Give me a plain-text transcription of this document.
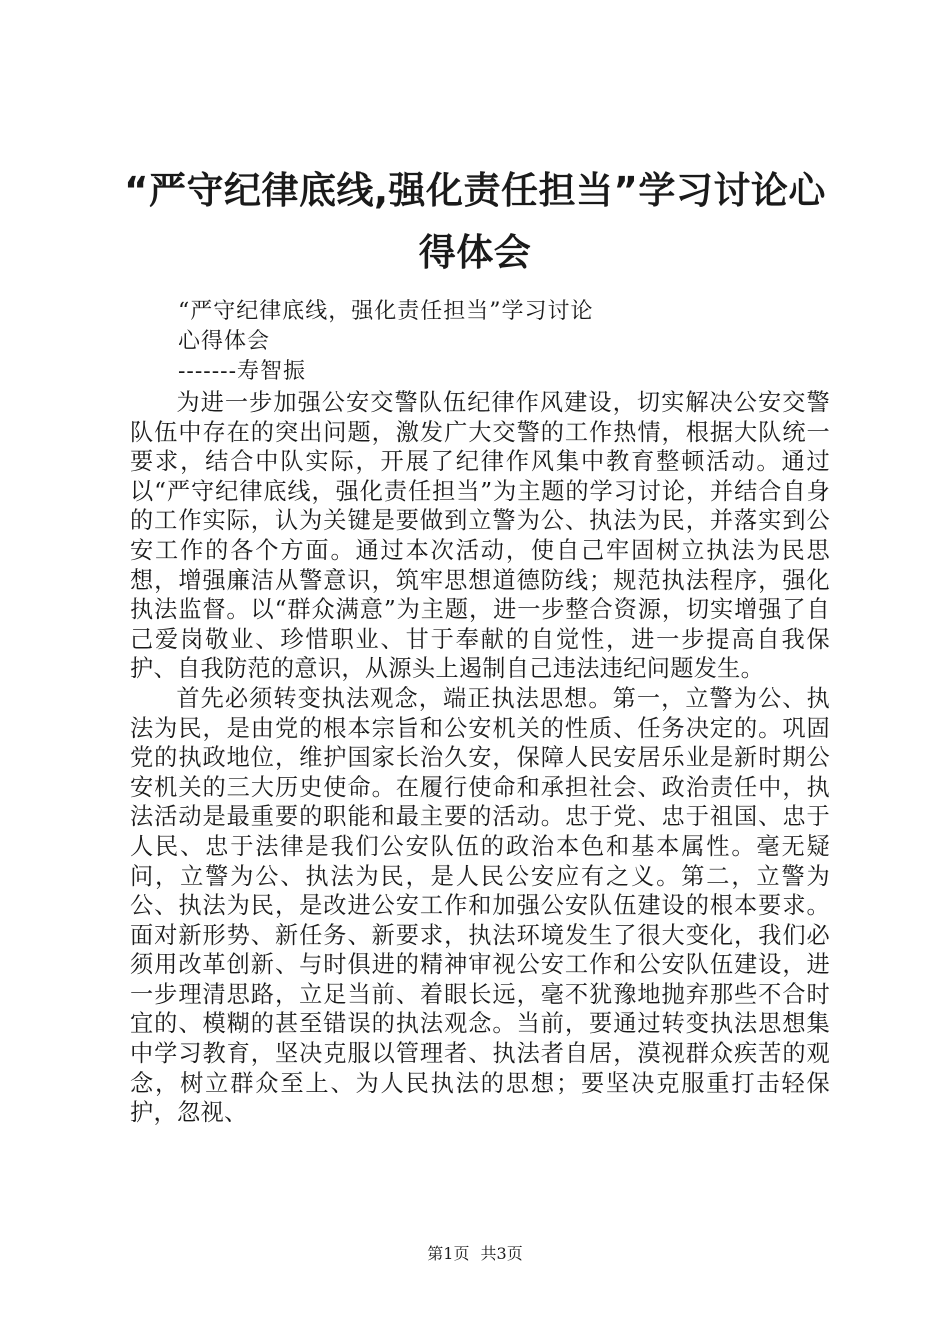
“严守纪律底线,强化责任担当”学习讨论心得体会
“严守纪律底线，强化责任担当”学习讨论
心得体会
-------寿智振

为进一步加强公安交警队伍纪律作风建设，切实解决公安交警队伍中存在的突出问题，激发广大交警的工作热情，根据大队统一要求，结合中队实际，开展了纪律作风集中教育整顿活动。通过以“严守纪律底线，强化责任担当”为主题的学习讨论，并结合自身的工作实际，认为关键是要做到立警为公、执法为民，并落实到公安工作的各个方面。通过本次活动，使自己牢固树立执法为民思想，增强廉洁从警意识，筑牢思想道德防线；规范执法程序，强化执法监督。以“群众满意”为主题，进一步整合资源，切实增强了自己爱岗敬业、珍惜职业、甘于奉献的自觉性，进一步提高自我保护、自我防范的意识，从源头上遏制自己违法违纪问题发生。

首先必须转变执法观念，端正执法思想。第一，立警为公、执法为民，是由党的根本宗旨和公安机关的性质、任务决定的。巩固党的执政地位，维护国家长治久安，保障人民安居乐业是新时期公安机关的三大历史使命。在履行使命和承担社会、政治责任中，执法活动是最重要的职能和最主要的活动。忠于党、忠于祖国、忠于人民、忠于法律是我们公安队伍的政治本色和基本属性。毫无疑问，立警为公、执法为民，是人民公安应有之义。第二，立警为公、执法为民，是改进公安工作和加强公安队伍建设的根本要求。面对新形势、新任务、新要求，执法环境发生了很大变化，我们必须用改革创新、与时俱进的精神审视公安工作和公安队伍建设，进一步理清思路，立足当前、着眼长远，毫不犹豫地抛弃那些不合时宜的、模糊的甚至错误的执法观念。当前，要通过转变执法思想集中学习教育，坚决克服以管理者、执法者自居，漠视群众疾苦的观念，树立群众至上、为人民执法的思想；要坚决克服重打击轻保护，忽视、

第1页 共3页
